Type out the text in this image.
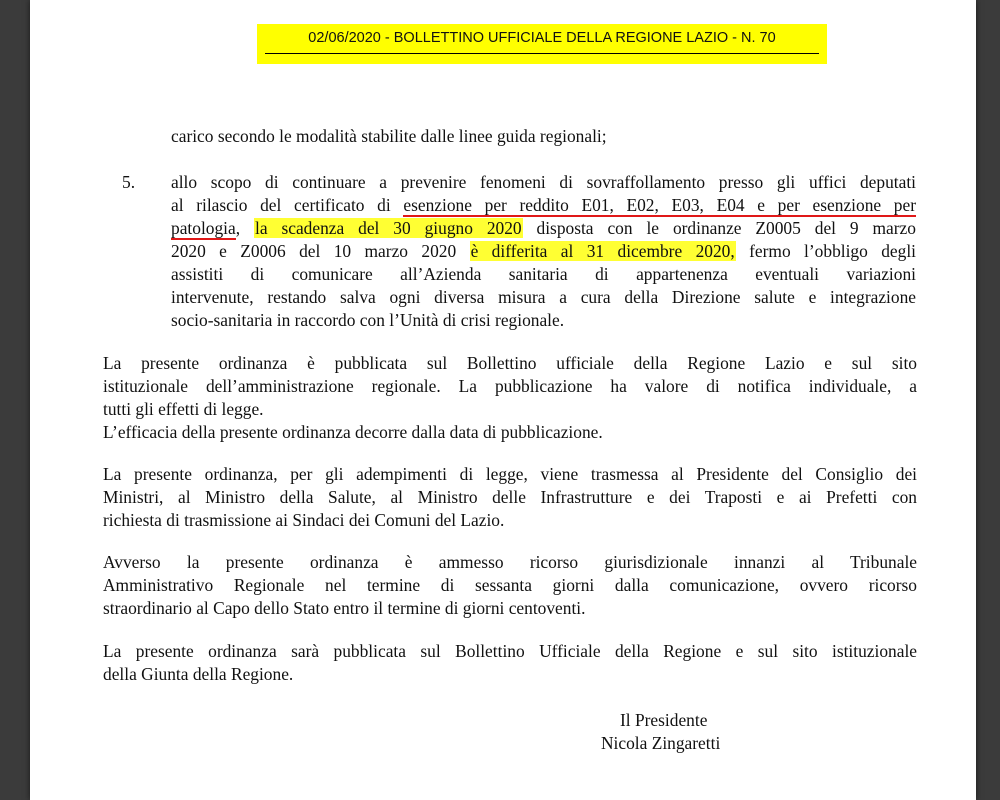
02/06/2020 - BOLLETTINO UFFICIALE DELLA REGIONE LAZIO - N. 70

carico secondo le modalità stabilite dalle linee guida regionali;

5. allo scopo di continuare a prevenire fenomeni di sovraffollamento presso gli uffici deputati

al rilascio del certificato di esenzione per reddito E01, E02, E03, E04 e per esenzione per

patologia, la scadenza del 30 giugno 2020 disposta con le ordinanze Z0005 del 9 marzo

2020 e Z0006 del 10 marzo 2020 è differita al 31 dicembre 2020, fermo l’obbligo degli

assistiti di comunicare all’Azienda sanitaria di appartenenza eventuali variazioni

intervenute, restando salva ogni diversa misura a cura della Direzione salute e integrazione

socio-sanitaria in raccordo con l’Unità di crisi regionale.

La presente ordinanza è pubblicata sul Bollettino ufficiale della Regione Lazio e sul sito

istituzionale dell’amministrazione regionale. La pubblicazione ha valore di notifica individuale, a

tutti gli effetti di legge.

L’efficacia della presente ordinanza decorre dalla data di pubblicazione.

La presente ordinanza, per gli adempimenti di legge, viene trasmessa al Presidente del Consiglio dei

Ministri, al Ministro della Salute, al Ministro delle Infrastrutture e dei Traposti e ai Prefetti con

richiesta di trasmissione ai Sindaci dei Comuni del Lazio.

Avverso la presente ordinanza è ammesso ricorso giurisdizionale innanzi al Tribunale

Amministrativo Regionale nel termine di sessanta giorni dalla comunicazione, ovvero ricorso

straordinario al Capo dello Stato entro il termine di giorni centoventi.

La presente ordinanza sarà pubblicata sul Bollettino Ufficiale della Regione e sul sito istituzionale

della Giunta della Regione.

Il Presidente
Nicola Zingaretti
